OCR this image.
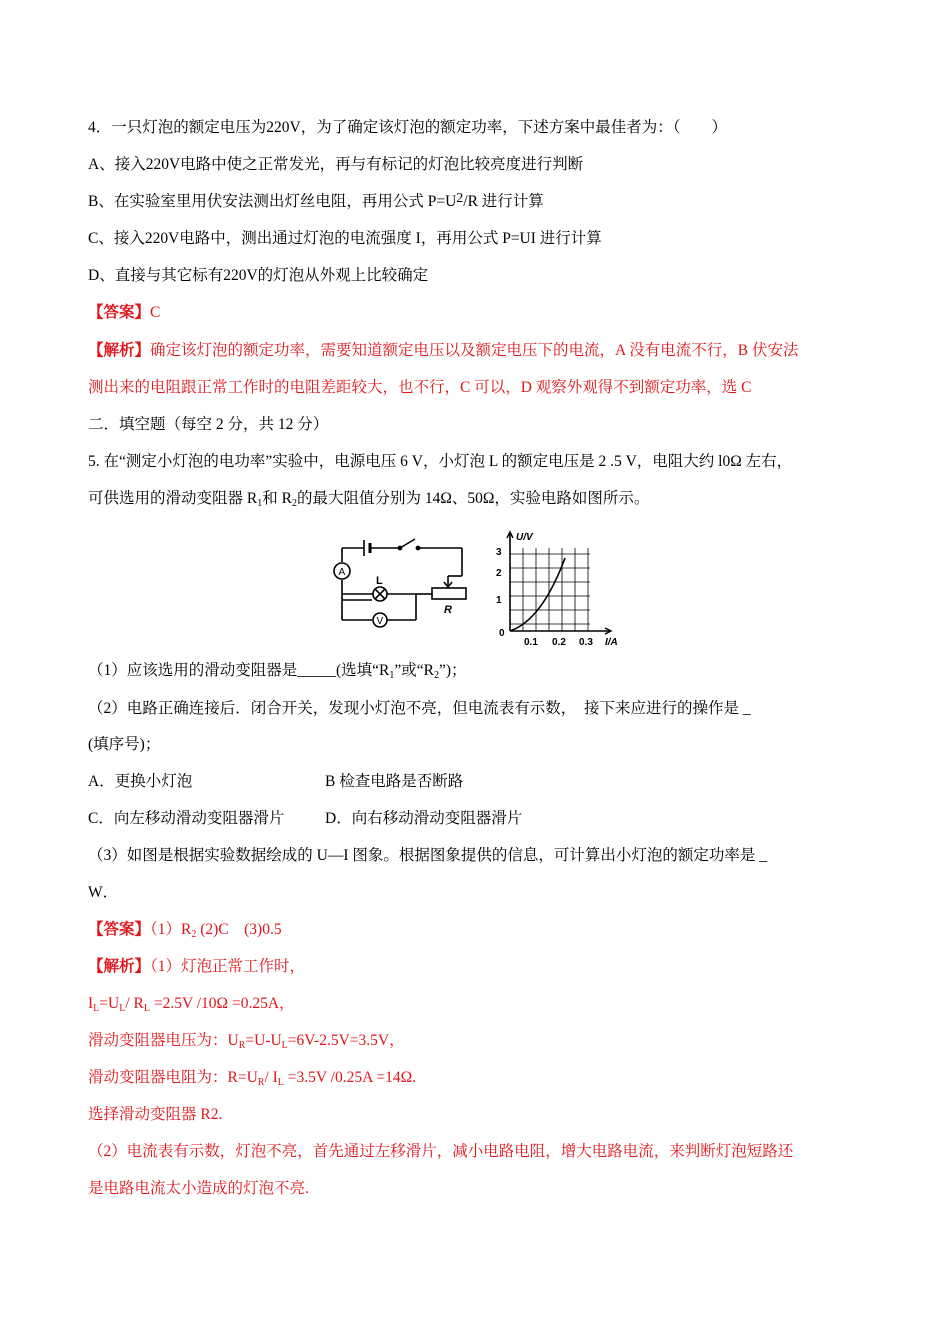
4．一只灯泡的额定电压为220V，为了确定该灯泡的额定功率，下述方案中最佳者为：（　　）
A、接入220V电路中使之正常发光，再与有标记的灯泡比较亮度进行判断
B、在实验室里用伏安法测出灯丝电阻，再用公式 $P=U^2/R$ 进行计算
C、接入220V电路中，测出通过灯泡的电流强度 I，再用公式 P=UI 进行计算
D、直接与其它标有220V的灯泡从外观上比较确定
【答案】C
【解析】确定该灯泡的额定功率，需要知道额定电压以及额定电压下的电流，A 没有电流不行，B 伏安法
测出来的电阻跟正常工作时的电阻差距较大，也不行，C 可以，D 观察外观得不到额定功率，选 C
二．填空题（每空 2 分，共 12 分）
5. 在“测定小灯泡的电功率”实验中，电源电压 6 V，小灯泡 L 的额定电压是 2 .5 V，电阻大约 l0Ω 左右，
可供选用的滑动变阻器 $R_1$和 $R_2$的最大阻值分别为 14Ω、50Ω，实验电路如图所示。
A
L
V
R
U/V
I/A
3
2
1
0
0.1 0.2 0.3
（1）应该选用的滑动变阻器是_____(选填“$R_1$”或“$R_2$”)；
（2）电路正确连接后．闭合开关，发现小灯泡不亮，但电流表有示数，　接下来应进行的操作是 _
(填序号)；
A．更换小灯泡	B 检查电路是否断路
C．向左移动滑动变阻器滑片	D．向右移动滑动变阻器滑片
（3）如图是根据实验数据绘成的 U—I 图象。根据图象提供的信息，可计算出小灯泡的额定功率是 _
W．
【答案】$(1)R_2$ (2)C　(3)0.5
【解析】（1）灯泡正常工作时，
$I_L=U_L/$ $R_L =2.5V$ /10Ω =0.25A，
滑动变阻器电压为：$U_R=U-U_L=6V-2.5V=3.5V$，
滑动变阻器电阻为：$R=U_R/$ $I_L =3.5V$ /0.25A =14Ω.
选择滑动变阻器 R2.
（2）电流表有示数，灯泡不亮，首先通过左移滑片，减小电路电阻，增大电路电流，来判断灯泡短路还
是电路电流太小造成的灯泡不亮.
